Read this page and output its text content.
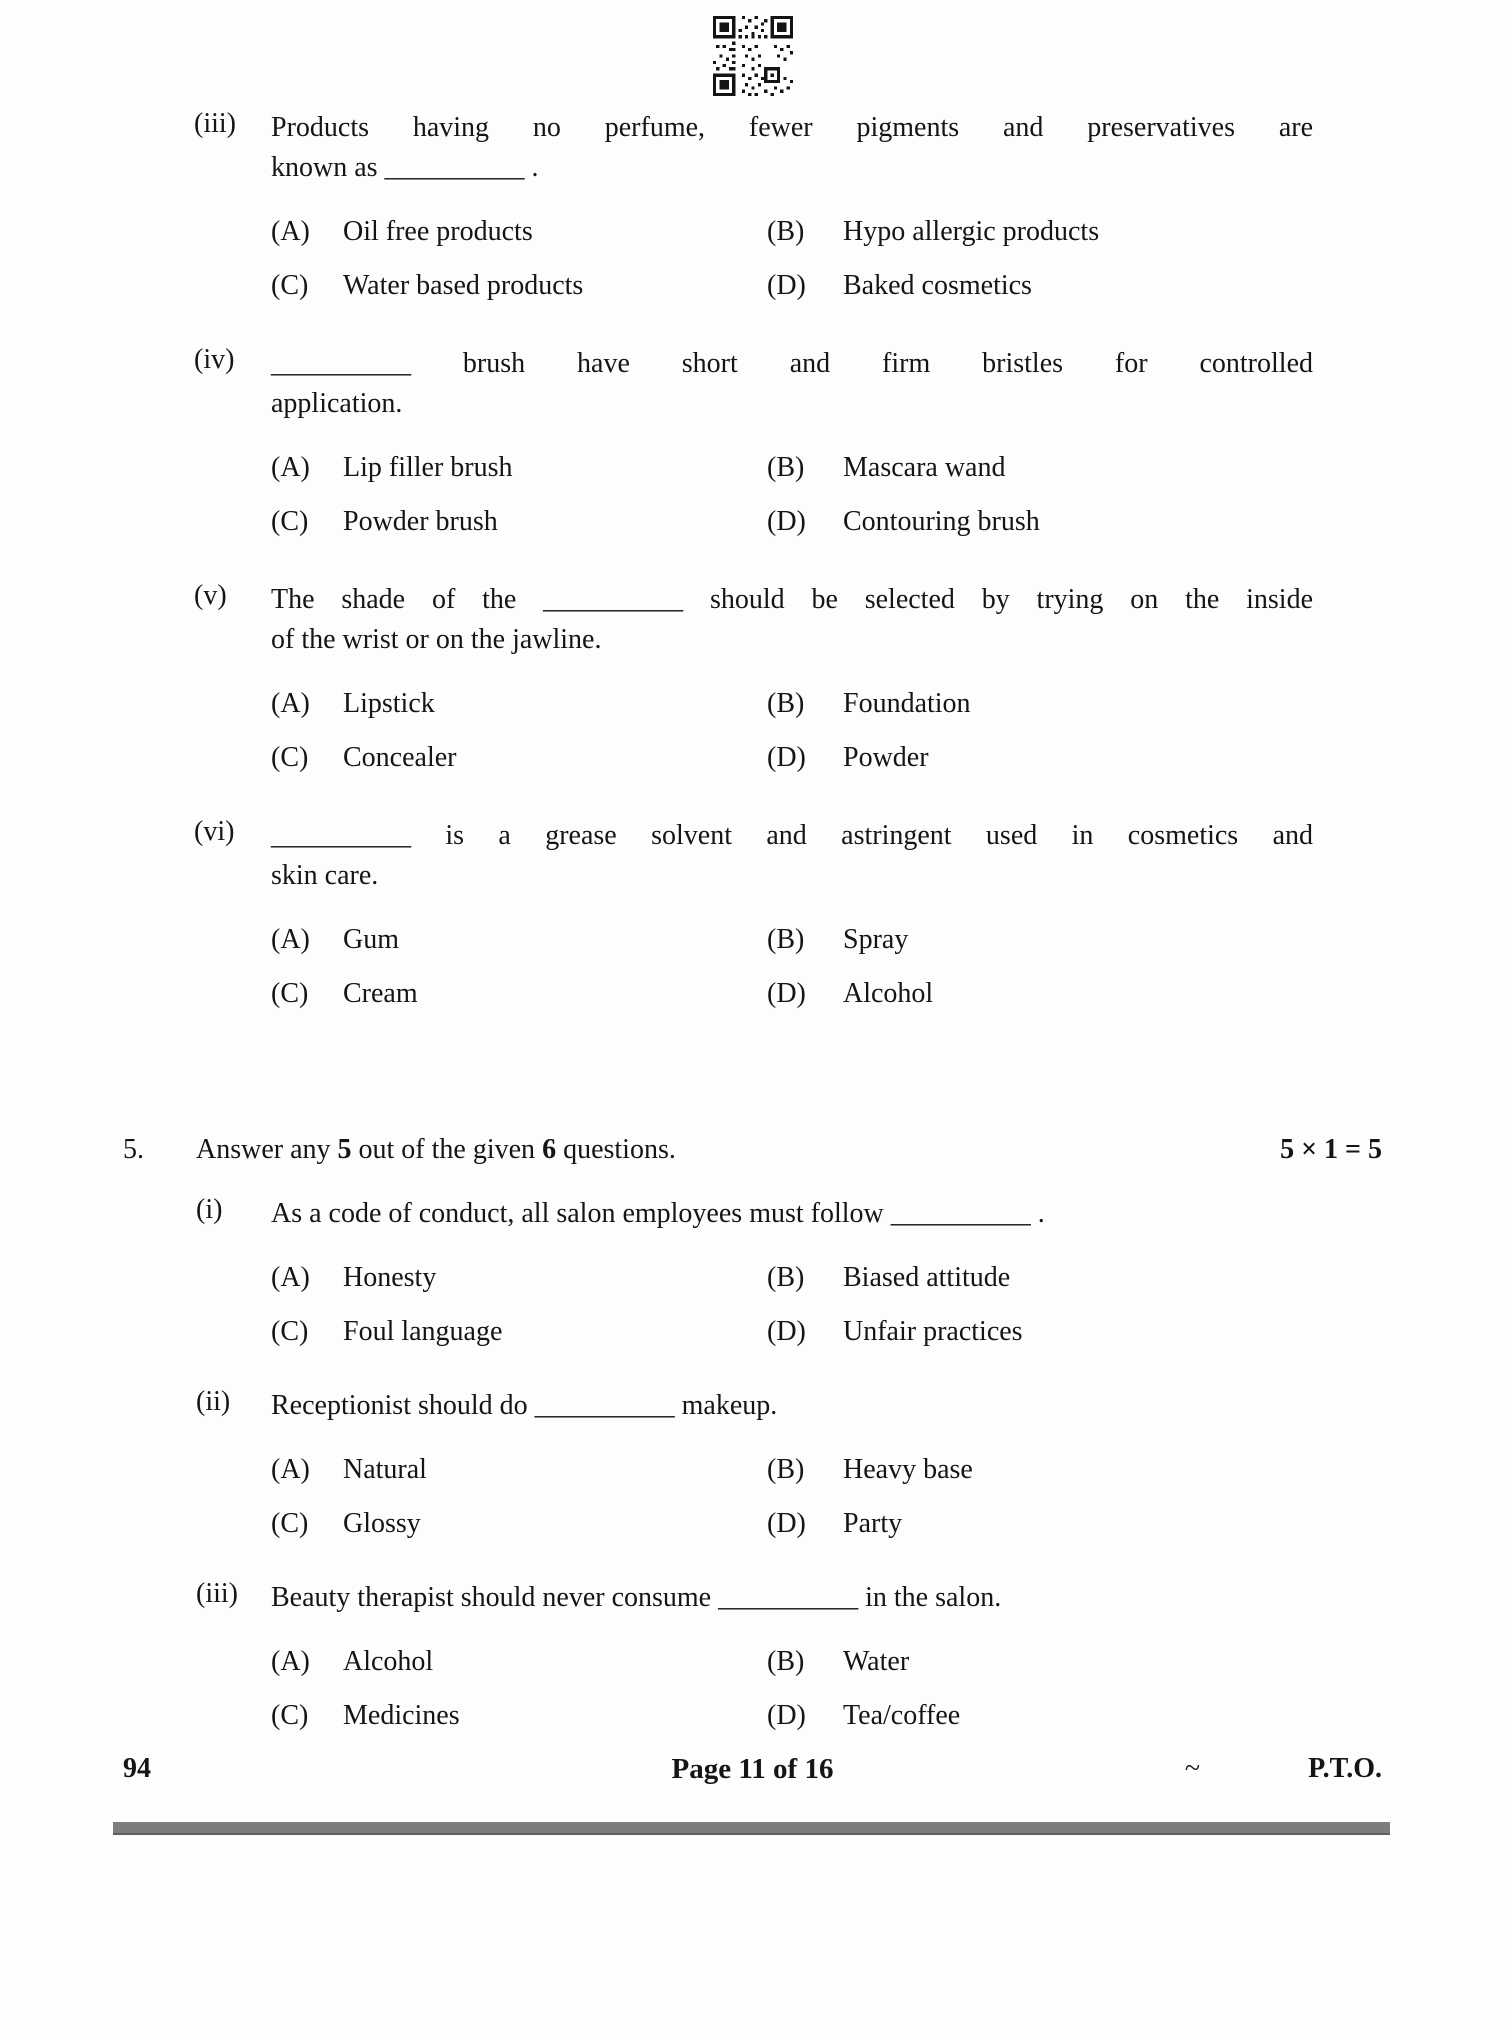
(iii)	Products having no perfume, fewer pigments and preservatives are
known as __________ .
(A)	Oil free products	(B)	Hypo allergic products
(C)	Water based products	(D)	Baked cosmetics
(iv)	__________ brush have short and firm bristles for controlled
application.
(A)	Lip filler brush	(B)	Mascara wand
(C)	Powder brush	(D)	Contouring brush
(v)	The shade of the __________ should be selected by trying on the inside
of the wrist or on the jawline.
(A)	Lipstick	(B)	Foundation
(C)	Concealer	(D)	Powder
(vi)	__________ is a grease solvent and astringent used in cosmetics and
skin care.
(A)	Gum	(B)	Spray
(C)	Cream	(D)	Alcohol
5.	Answer any 5 out of the given 6 questions.	5 × 1 = 5
(i)	As a code of conduct, all salon employees must follow __________ .
(A)	Honesty	(B)	Biased attitude
(C)	Foul language	(D)	Unfair practices
(ii)	Receptionist should do __________ makeup.
(A)	Natural	(B)	Heavy base
(C)	Glossy	(D)	Party
(iii)	Beauty therapist should never consume __________ in the salon.
(A)	Alcohol	(B)	Water
(C)	Medicines	(D)	Tea/coffee
94	Page 11 of 16	~	P.T.O.
